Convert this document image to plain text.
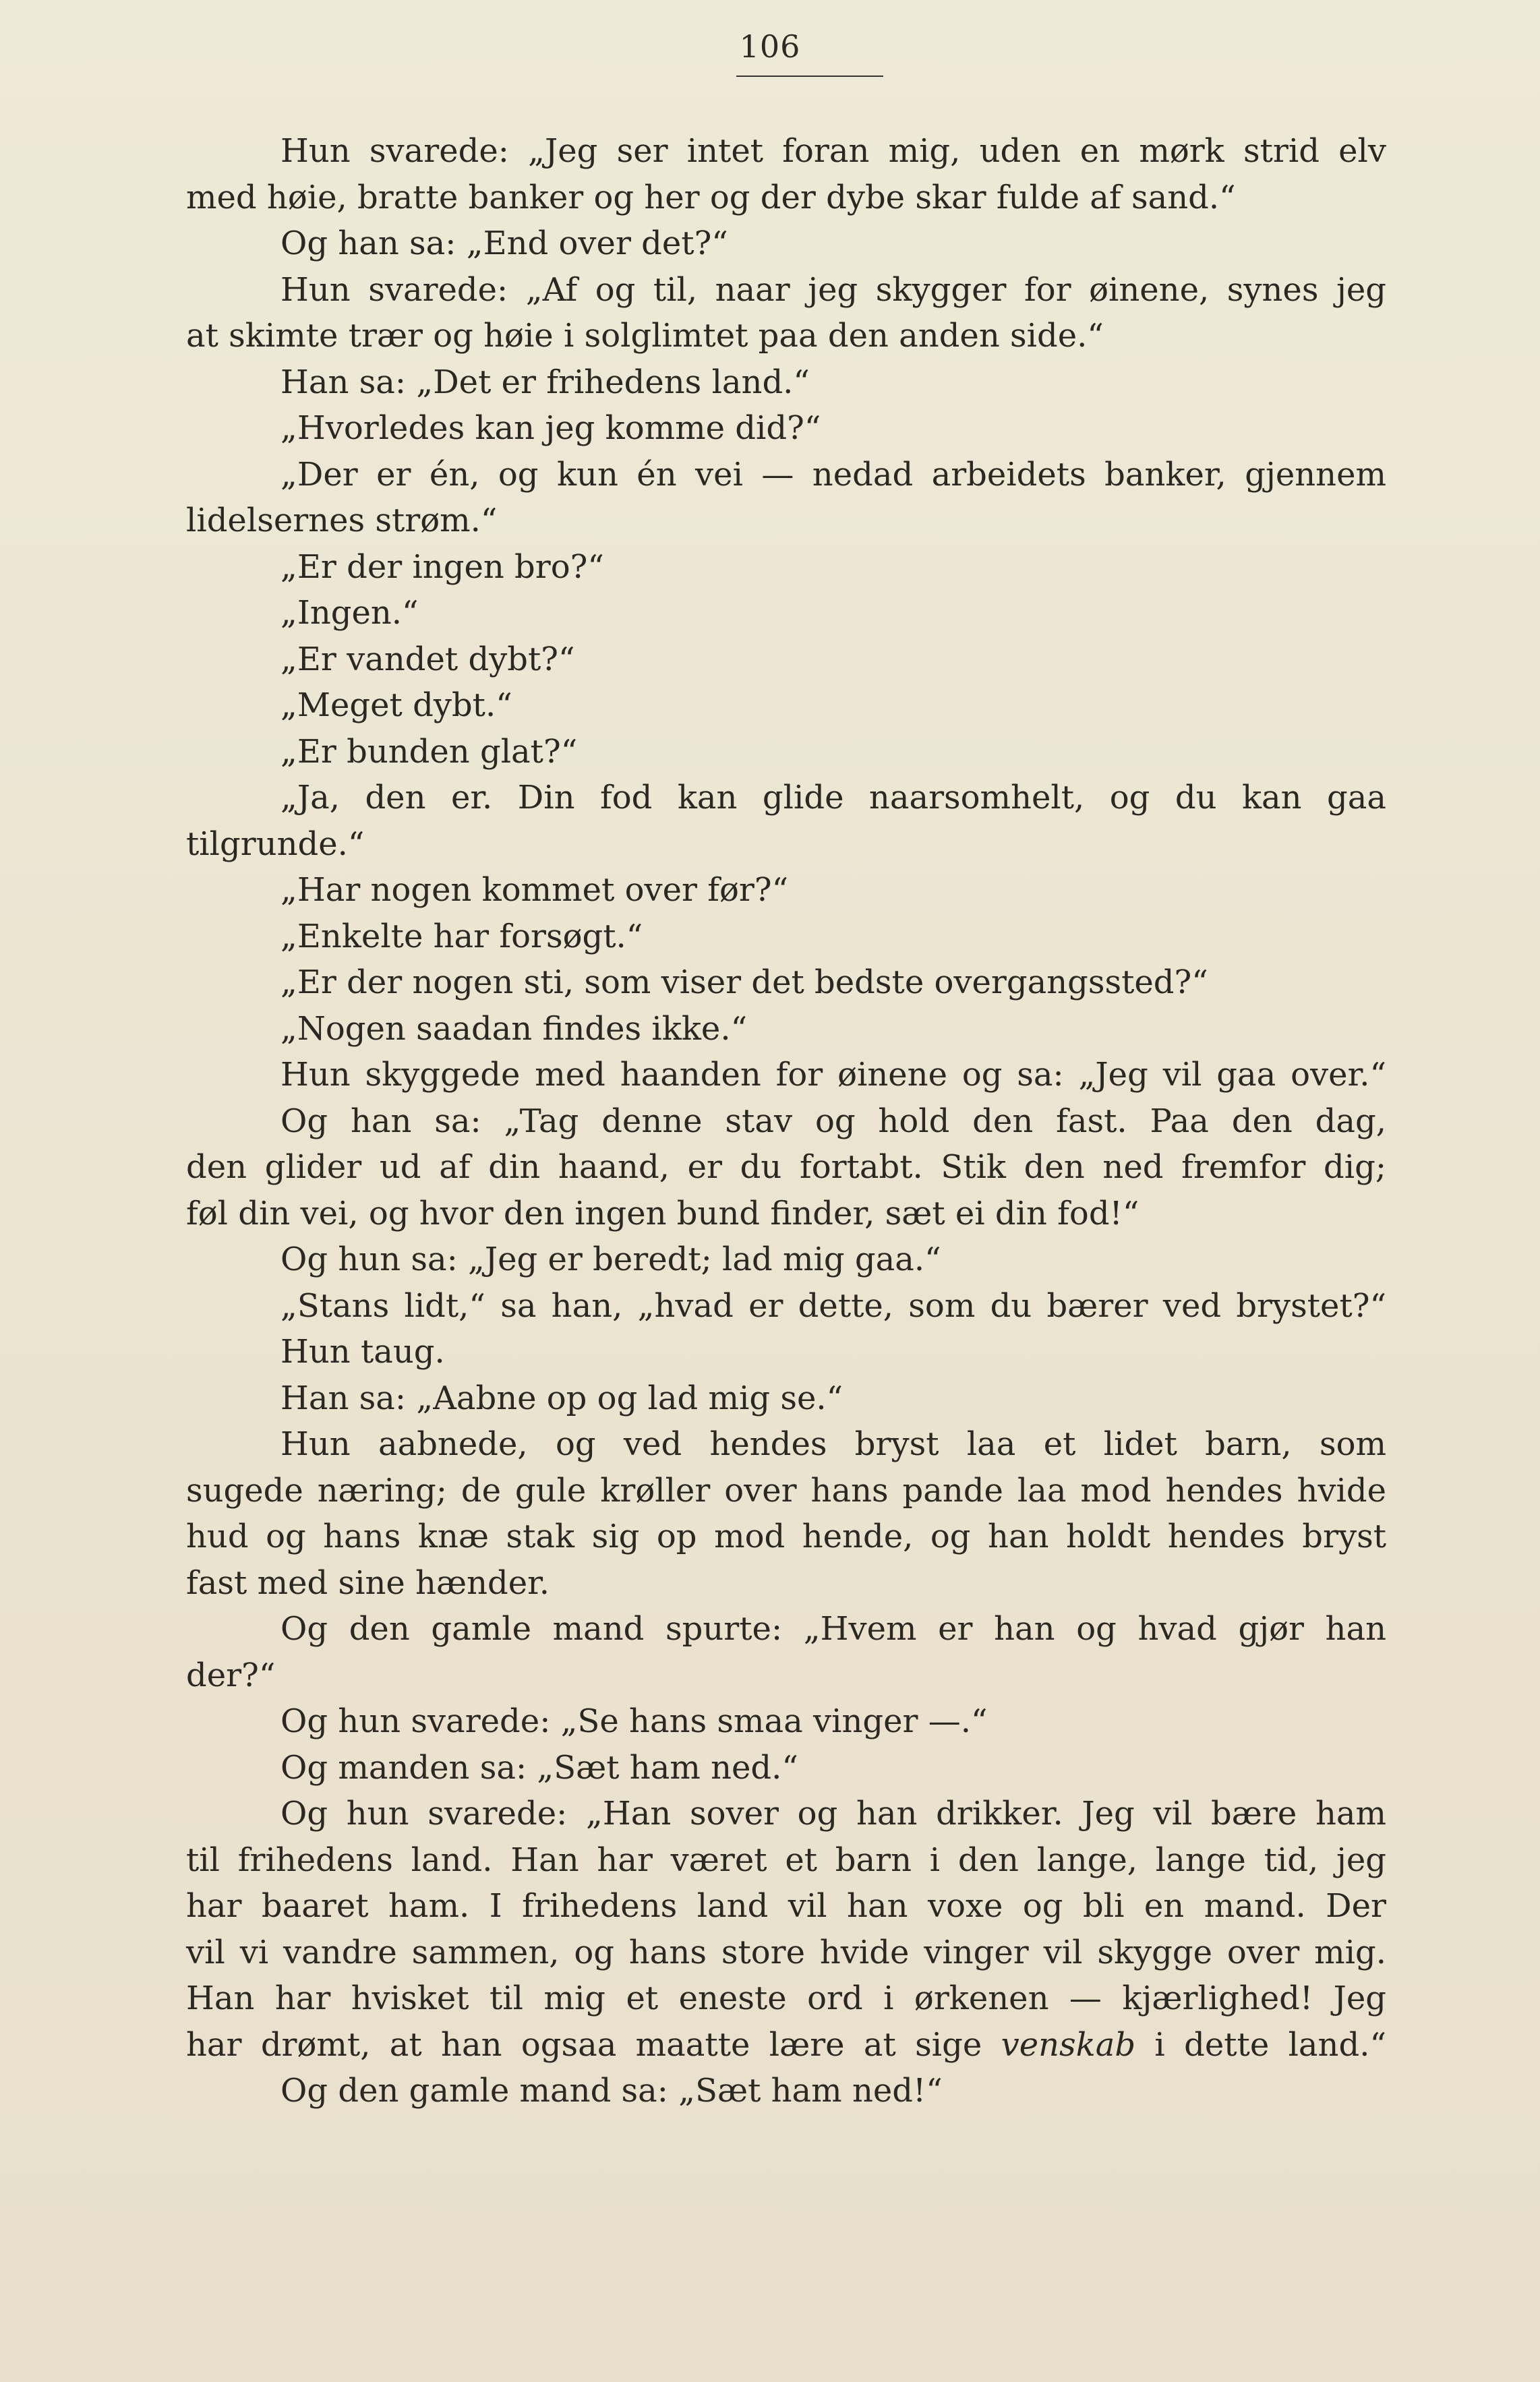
106
Hun svarede: „Jeg ser intet foran mig, uden en mørk strid elv
med høie, bratte banker og her og der dybe skar fulde af sand.“
Og han sa: „End over det?“
Hun svarede: „Af og til, naar jeg skygger for øinene, synes jeg
at skimte trær og høie i solglimtet paa den anden side.“
Han sa: „Det er frihedens land.“
„Hvorledes kan jeg komme did?“
„Der er én, og kun én vei — nedad arbeidets banker, gjennem
lidelsernes strøm.“
„Er der ingen bro?“
„Ingen.“
„Er vandet dybt?“
„Meget dybt.“
„Er bunden glat?“
„Ja, den er. Din fod kan glide naarsomhelt, og du kan gaa
tilgrunde.“
„Har nogen kommet over før?“
„Enkelte har forsøgt.“
„Er der nogen sti, som viser det bedste overgangssted?“
„Nogen saadan findes ikke.“
Hun skyggede med haanden for øinene og sa: „Jeg vil gaa over.“
Og han sa: „Tag denne stav og hold den fast. Paa den dag,
den glider ud af din haand, er du fortabt. Stik den ned fremfor dig;
føl din vei, og hvor den ingen bund finder, sæt ei din fod!“
Og hun sa: „Jeg er beredt; lad mig gaa.“
„Stans lidt,“ sa han, „hvad er dette, som du bærer ved brystet?“
Hun taug.
Han sa: „Aabne op og lad mig se.“
Hun aabnede, og ved hendes bryst laa et lidet barn, som
sugede næring; de gule krøller over hans pande laa mod hendes hvide
hud og hans knæ stak sig op mod hende, og han holdt hendes bryst
fast med sine hænder.
Og den gamle mand spurte: „Hvem er han og hvad gjør han
der?“
Og hun svarede: „Se hans smaa vinger —.“
Og manden sa: „Sæt ham ned.“
Og hun svarede: „Han sover og han drikker. Jeg vil bære ham
til frihedens land. Han har været et barn i den lange, lange tid, jeg
har baaret ham. I frihedens land vil han voxe og bli en mand. Der
vil vi vandre sammen, og hans store hvide vinger vil skygge over mig.
Han har hvisket til mig et eneste ord i ørkenen — kjærlighed! Jeg
har drømt, at han ogsaa maatte lære at sige venskab i dette land.“
Og den gamle mand sa: „Sæt ham ned!“
